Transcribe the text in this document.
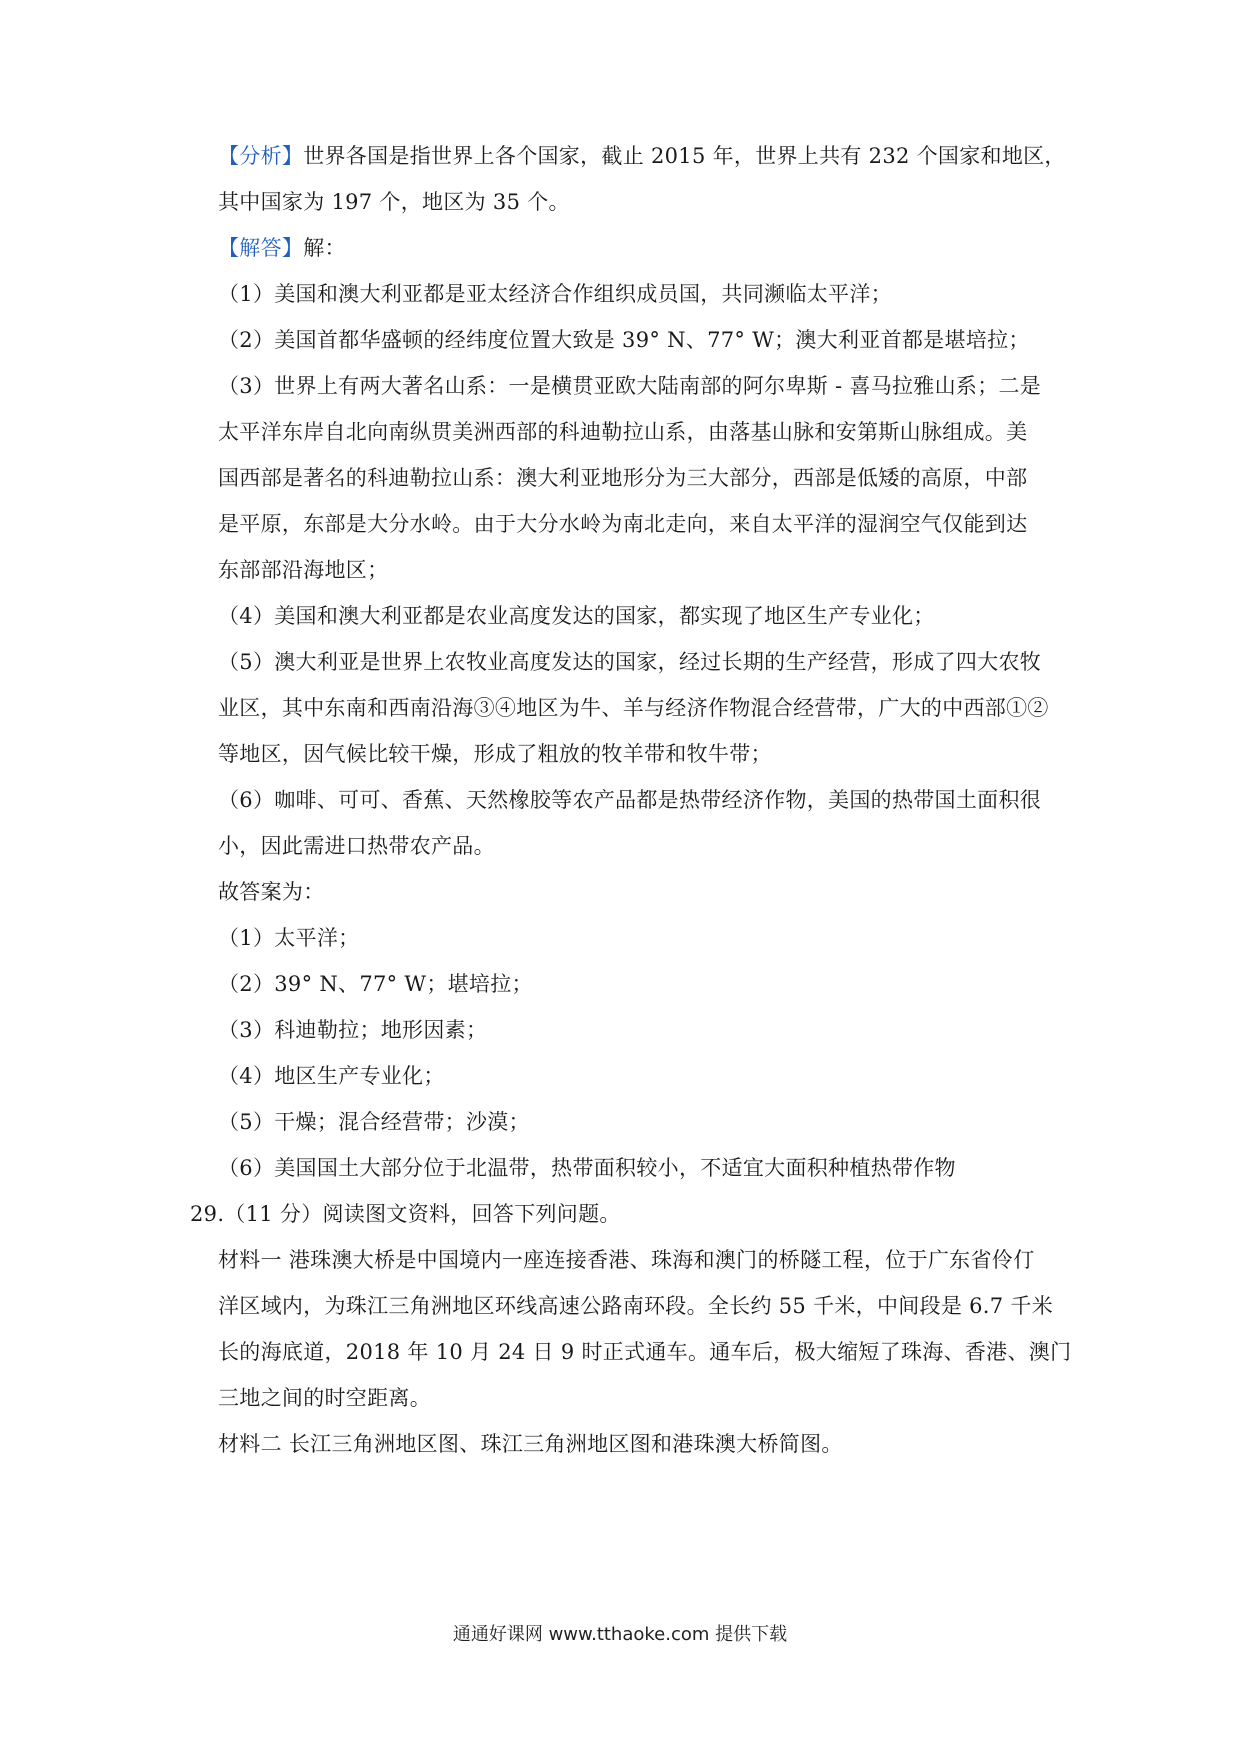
【分析】世界各国是指世界上各个国家，截止 2015 年，世界上共有 232 个国家和地区，
其中国家为 197 个，地区为 35 个。
【解答】解：
（1）美国和澳大利亚都是亚太经济合作组织成员国，共同濒临太平洋；
（2）美国首都华盛顿的经纬度位置大致是 39° N、77° W；澳大利亚首都是堪培拉；
（3）世界上有两大著名山系：一是横贯亚欧大陆南部的阿尔卑斯 - 喜马拉雅山系；二是
太平洋东岸自北向南纵贯美洲西部的科迪勒拉山系，由落基山脉和安第斯山脉组成。美
国西部是著名的科迪勒拉山系：澳大利亚地形分为三大部分，西部是低矮的高原，中部
是平原，东部是大分水岭。由于大分水岭为南北走向，来自太平洋的湿润空气仅能到达
东部部沿海地区；
（4）美国和澳大利亚都是农业高度发达的国家，都实现了地区生产专业化；
（5）澳大利亚是世界上农牧业高度发达的国家，经过长期的生产经营，形成了四大农牧
业区，其中东南和西南沿海③④地区为牛、羊与经济作物混合经营带，广大的中西部①②
等地区，因气候比较干燥，形成了粗放的牧羊带和牧牛带；
（6）咖啡、可可、香蕉、天然橡胶等农产品都是热带经济作物，美国的热带国土面积很
小，因此需进口热带农产品。
故答案为：
（1）太平洋；
（2）39° N、77° W；堪培拉；
（3）科迪勒拉；地形因素；
（4）地区生产专业化；
（5）干燥；混合经营带；沙漠；
（6）美国国土大部分位于北温带，热带面积较小，不适宜大面积种植热带作物
29.（11 分）阅读图文资料，回答下列问题。
材料一 港珠澳大桥是中国境内一座连接香港、珠海和澳门的桥隧工程，位于广东省伶仃
洋区域内，为珠江三角洲地区环线高速公路南环段。全长约 55 千米，中间段是 6.7 千米
长的海底道，2018 年 10 月 24 日 9 时正式通车。通车后，极大缩短了珠海、香港、澳门
三地之间的时空距离。
材料二 长江三角洲地区图、珠江三角洲地区图和港珠澳大桥简图。
通通好课网 www.tthaoke.com 提供下载
